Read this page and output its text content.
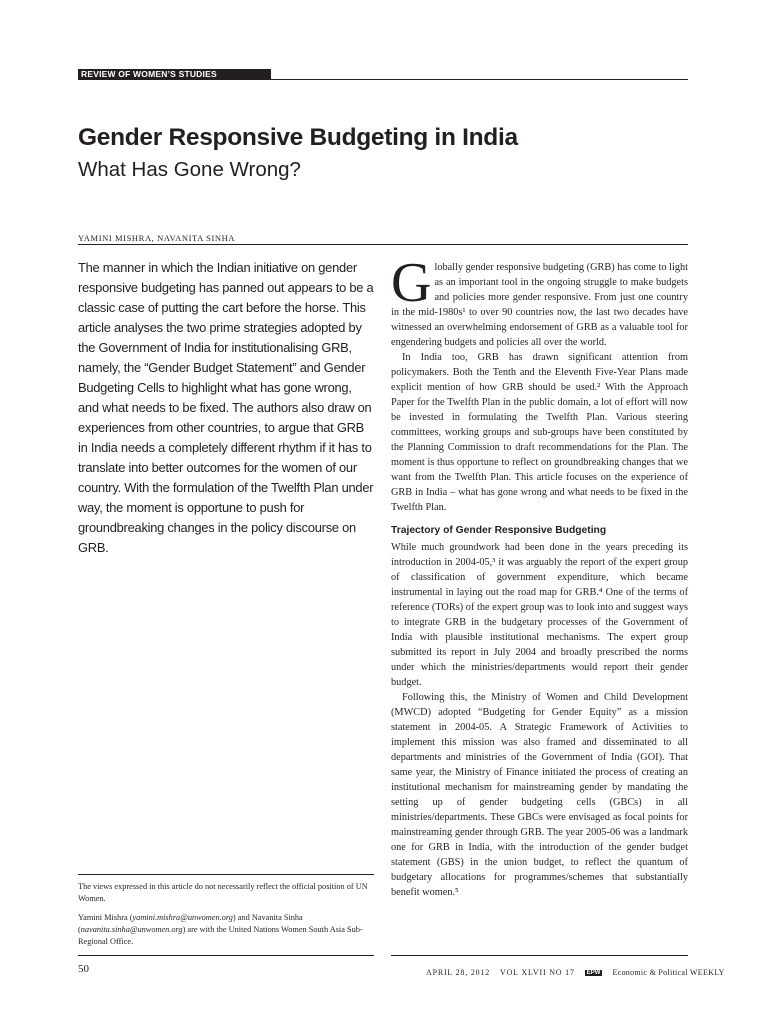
REVIEW OF WOMEN’S STUDIES
Gender Responsive Budgeting in India
What Has Gone Wrong?
YAMINI MISHRA, NAVANITA SINHA

The manner in which the Indian initiative on gender responsive budgeting has panned out appears to be a classic case of putting the cart before the horse. This article analyses the two prime strategies adopted by the Government of India for institutionalising GRB, namely, the “Gender Budget Statement” and Gender Budgeting Cells to highlight what has gone wrong, and what needs to be fixed. The authors also draw on experiences from other countries, to argue that GRB in India needs a completely different rhythm if it has to translate into better outcomes for the women of our country. With the formulation of the Twelfth Plan under way, the moment is opportune to push for groundbreaking changes in the policy discourse on GRB.

The views expressed in this article do not necessarily reflect the official position of UN Women.

Yamini Mishra (yamini.mishra@unwomen.org) and Navanita Sinha (navanita.sinha@unwomen.org) are with the United Nations Women South Asia Sub-Regional Office.

50

Globally gender responsive budgeting (GRB) has come to light as an important tool in the ongoing struggle to make budgets and policies more gender responsive. From just one country in the mid-1980s¹ to over 90 countries now, the last two decades have witnessed an overwhelming endorsement of GRB as a valuable tool for engendering budgets and policies all over the world.

In India too, GRB has drawn significant attention from policymakers. Both the Tenth and the Eleventh Five-Year Plans made explicit mention of how GRB should be used.² With the Approach Paper for the Twelfth Plan in the public domain, a lot of effort will now be invested in formulating the Twelfth Plan. Various steering committees, working groups and sub-groups have been constituted by the Planning Commission to draft recommendations for the Plan. The moment is thus opportune to reflect on groundbreaking changes that we want from the Twelfth Plan. This article focuses on the experience of GRB in India – what has gone wrong and what needs to be fixed in the Twelfth Plan.

Trajectory of Gender Responsive Budgeting

While much groundwork had been done in the years preceding its introduction in 2004-05,³ it was arguably the report of the expert group of classification of government expenditure, which became instrumental in laying out the road map for GRB.⁴ One of the terms of reference (TORs) of the expert group was to look into and suggest ways to integrate GRB in the budgetary processes of the Government of India with plausible institutional mechanisms. The expert group submitted its report in July 2004 and broadly prescribed the norms under which the ministries/departments would report their gender budget.

Following this, the Ministry of Women and Child Development (MWCD) adopted “Budgeting for Gender Equity” as a mission statement in 2004-05. A Strategic Framework of Activities to implement this mission was also framed and disseminated to all departments and ministries of the Government of India (GOI). That same year, the Ministry of Finance initiated the process of creating an institutional mechanism for mainstreaming gender by mandating the setting up of gender budgeting cells (GBCs) in all ministries/departments. These GBCs were envisaged as focal points for mainstreaming gender through GRB. The year 2005-06 was a landmark one for GRB in India, with the introduction of the gender budget statement (GBS) in the union budget, to reflect the quantum of budgetary allocations for programmes/schemes that substantially benefit women.⁵

APRIL 28, 2012 VOL XLVII NO 17	EPW Economic & Political WEEKLY
